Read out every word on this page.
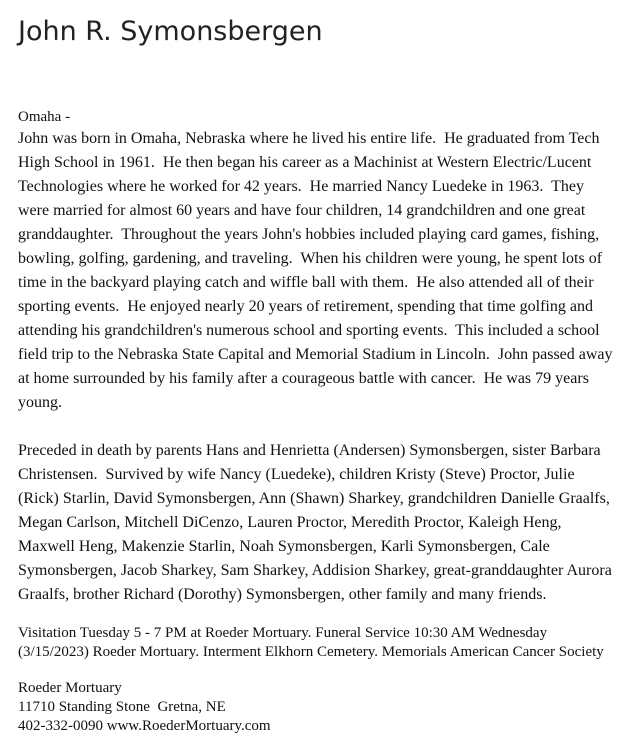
John R. Symonsbergen

Omaha -

John was born in Omaha, Nebraska where he lived his entire life.  He graduated from Tech High School in 1961.  He then began his career as a Machinist at Western Electric/Lucent Technologies where he worked for 42 years.  He married Nancy Luedeke in 1963.  They were married for almost 60 years and have four children, 14 grandchildren and one great granddaughter.  Throughout the years John's hobbies included playing card games, fishing, bowling, golfing, gardening, and traveling.  When his children were young, he spent lots of time in the backyard playing catch and wiffle ball with them.  He also attended all of their sporting events.  He enjoyed nearly 20 years of retirement, spending that time golfing and attending his grandchildren's numerous school and sporting events.  This included a school field trip to the Nebraska State Capital and Memorial Stadium in Lincoln.  John passed away at home surrounded by his family after a courageous battle with cancer.  He was 79 years young.

Preceded in death by parents Hans and Henrietta (Andersen) Symonsbergen, sister Barbara Christensen.  Survived by wife Nancy (Luedeke), children Kristy (Steve) Proctor, Julie (Rick) Starlin, David Symonsbergen, Ann (Shawn) Sharkey, grandchildren Danielle Graalfs, Megan Carlson, Mitchell DiCenzo, Lauren Proctor, Meredith Proctor, Kaleigh Heng, Maxwell Heng, Makenzie Starlin, Noah Symonsbergen, Karli Symonsbergen, Cale Symonsbergen, Jacob Sharkey, Sam Sharkey, Addision Sharkey, great-granddaughter Aurora Graalfs, brother Richard (Dorothy) Symonsbergen, other family and many friends.

Visitation Tuesday 5 - 7 PM at Roeder Mortuary. Funeral Service 10:30 AM Wednesday (3/15/2023) Roeder Mortuary. Interment Elkhorn Cemetery. Memorials American Cancer Society

Roeder Mortuary
11710 Standing Stone  Gretna, NE
402-332-0090 www.RoederMortuary.com
